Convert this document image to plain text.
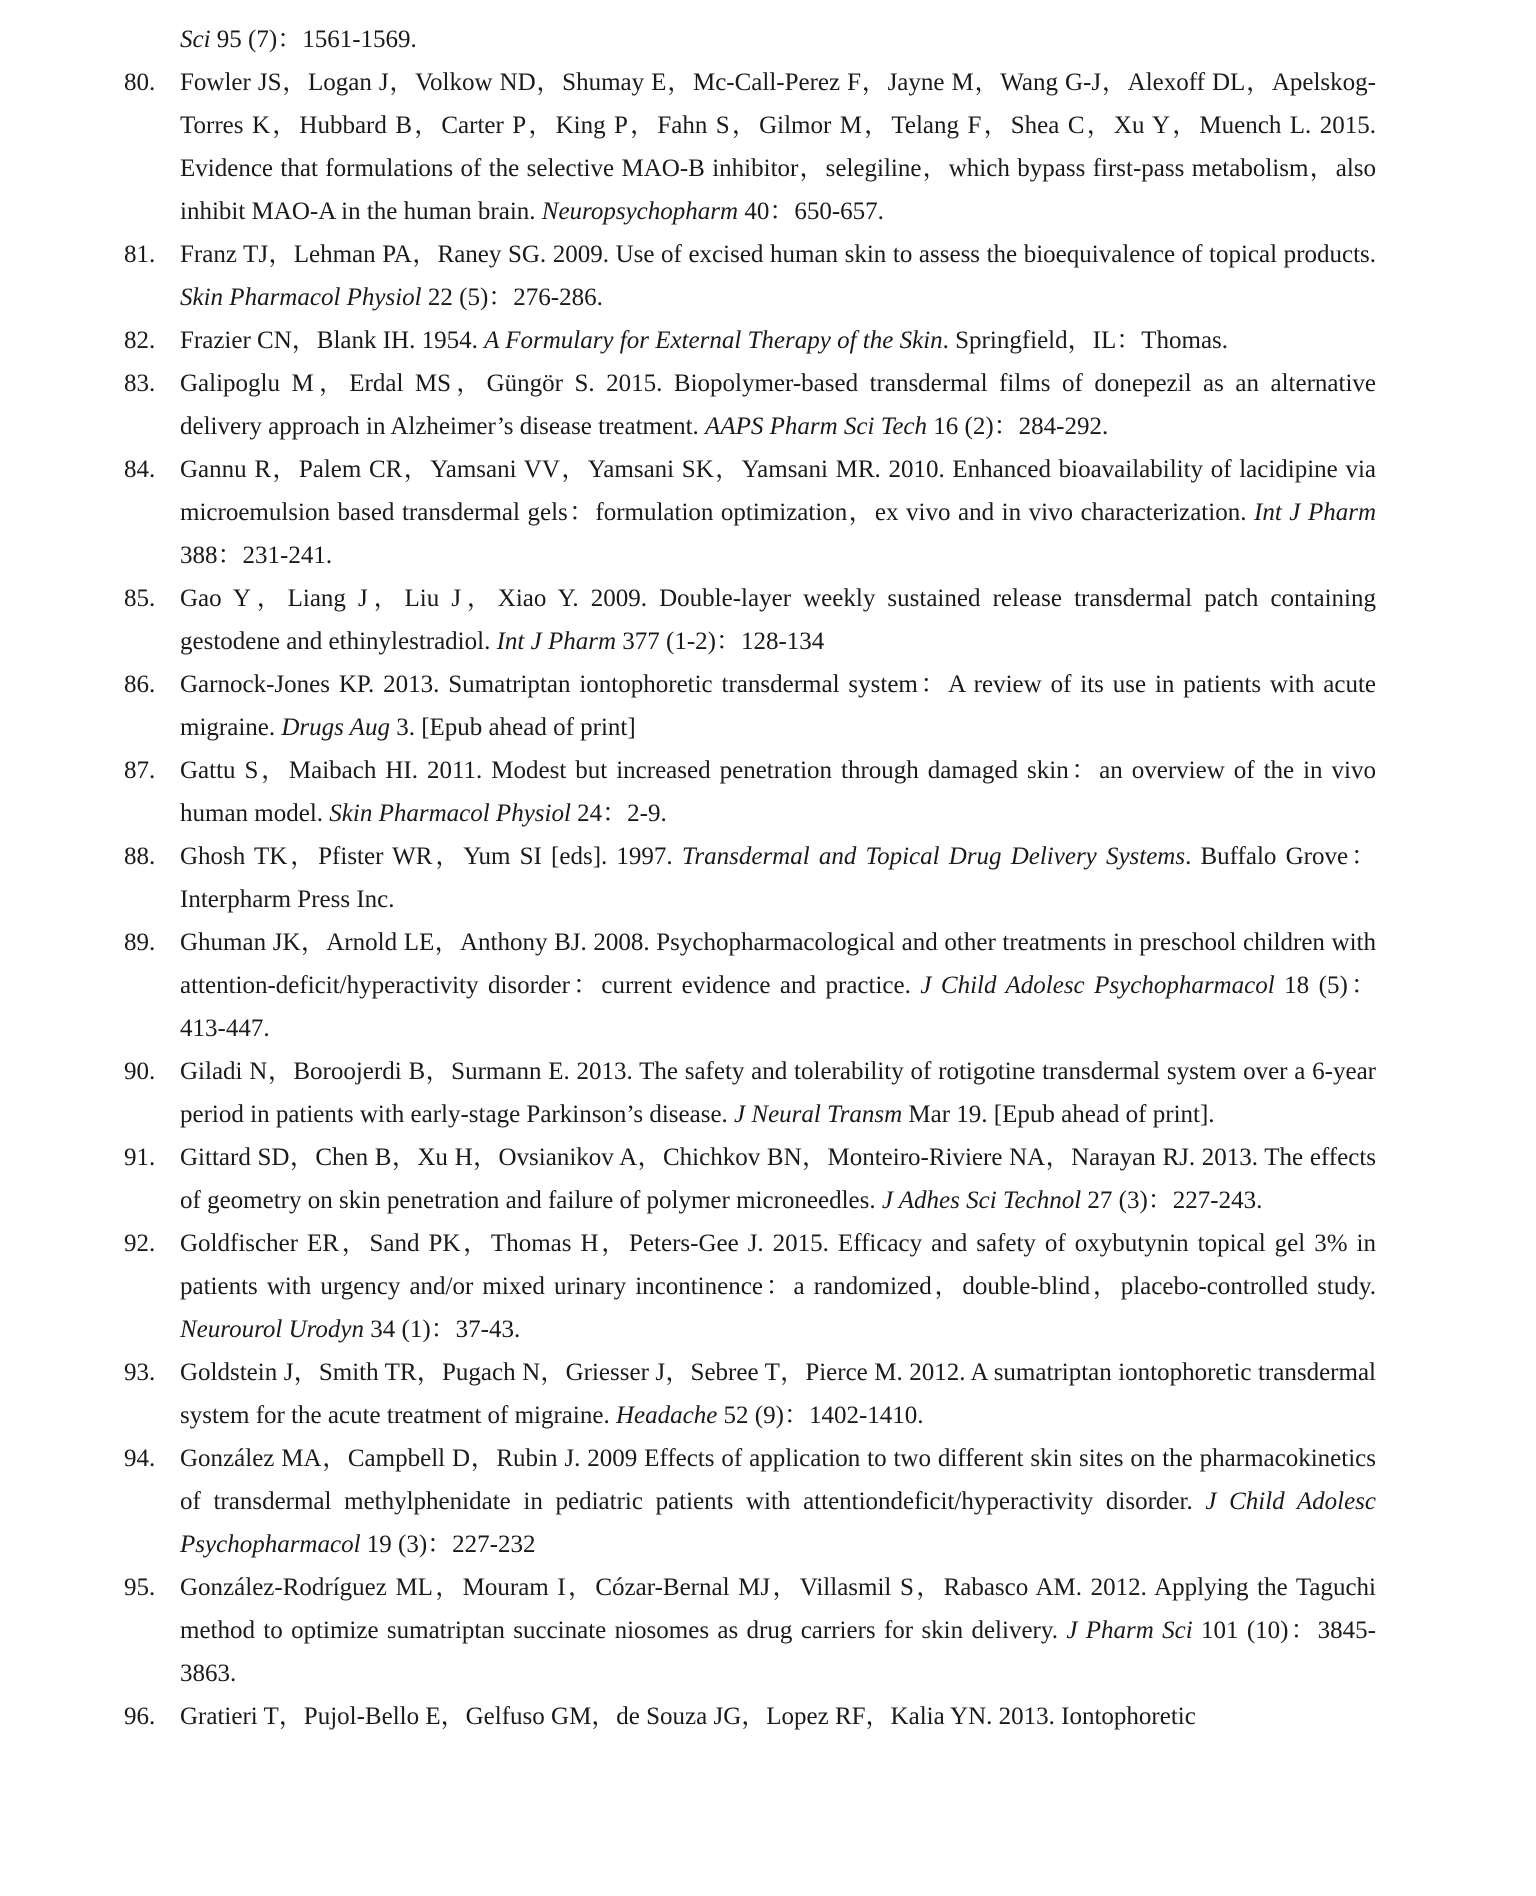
Sci 95 (7)：1561-1569.
80. Fowler JS，Logan J，Volkow ND，Shumay E，Mc-Call-Perez F，Jayne M，Wang G-J，Alexoff DL，Apelskog-Torres K，Hubbard B，Carter P，King P，Fahn S，Gilmor M，Telang F，Shea C，Xu Y，Muench L. 2015. Evidence that formulations of the selective MAO-B inhibitor，selegiline，which bypass first-pass metabolism，also inhibit MAO-A in the human brain. Neuropsychopharm 40：650-657.
81. Franz TJ，Lehman PA，Raney SG. 2009. Use of excised human skin to assess the bioequivalence of topical products. Skin Pharmacol Physiol 22 (5)：276-286.
82. Frazier CN，Blank IH. 1954. A Formulary for External Therapy of the Skin. Springfield，IL：Thomas.
83. Galipoglu M，Erdal MS，Güngör S. 2015. Biopolymer-based transdermal films of donepezil as an alternative delivery approach in Alzheimer’s disease treatment. AAPS Pharm Sci Tech 16 (2)：284-292.
84. Gannu R，Palem CR，Yamsani VV，Yamsani SK，Yamsani MR. 2010. Enhanced bioavailability of lacidipine via microemulsion based transdermal gels：formulation optimization，ex vivo and in vivo characterization. Int J Pharm 388：231-241.
85. Gao Y，Liang J，Liu J，Xiao Y. 2009. Double-layer weekly sustained release transdermal patch containing gestodene and ethinylestradiol. Int J Pharm 377 (1-2)：128-134
86. Garnock-Jones KP. 2013. Sumatriptan iontophoretic transdermal system：A review of its use in patients with acute migraine. Drugs Aug 3. [Epub ahead of print]
87. Gattu S，Maibach HI. 2011. Modest but increased penetration through damaged skin：an overview of the in vivo human model. Skin Pharmacol Physiol 24：2-9.
88. Ghosh TK，Pfister WR，Yum SI [eds]. 1997. Transdermal and Topical Drug Delivery Systems. Buffalo Grove：Interpharm Press Inc.
89. Ghuman JK，Arnold LE，Anthony BJ. 2008. Psychopharmacological and other treatments in preschool children with attention-deficit/hyperactivity disorder：current evidence and practice. J Child Adolesc Psychopharmacol 18 (5)：413-447.
90. Giladi N，Boroojerdi B，Surmann E. 2013. The safety and tolerability of rotigotine transdermal system over a 6-year period in patients with early-stage Parkinson’s disease. J Neural Transm Mar 19. [Epub ahead of print].
91. Gittard SD，Chen B，Xu H，Ovsianikov A，Chichkov BN，Monteiro-Riviere NA，Narayan RJ. 2013. The effects of geometry on skin penetration and failure of polymer microneedles. J Adhes Sci Technol 27 (3)：227-243.
92. Goldfischer ER，Sand PK，Thomas H，Peters-Gee J. 2015. Efficacy and safety of oxybutynin topical gel 3% in patients with urgency and/or mixed urinary incontinence：a randomized，double-blind，placebo-controlled study. Neurourol Urodyn 34 (1)：37-43.
93. Goldstein J，Smith TR，Pugach N，Griesser J，Sebree T，Pierce M. 2012. A sumatriptan iontophoretic transdermal system for the acute treatment of migraine. Headache 52 (9)：1402-1410.
94. González MA，Campbell D，Rubin J. 2009 Effects of application to two different skin sites on the pharmacokinetics of transdermal methylphenidate in pediatric patients with attentiondeficit/hyperactivity disorder. J Child Adolesc Psychopharmacol 19 (3)：227-232
95. González-Rodríguez ML，Mouram I，Cózar-Bernal MJ，Villasmil S，Rabasco AM. 2012. Applying the Taguchi method to optimize sumatriptan succinate niosomes as drug carriers for skin delivery. J Pharm Sci 101 (10)：3845-3863.
96. Gratieri T，Pujol-Bello E，Gelfuso GM，de Souza JG，Lopez RF，Kalia YN. 2013. Iontophoretic
